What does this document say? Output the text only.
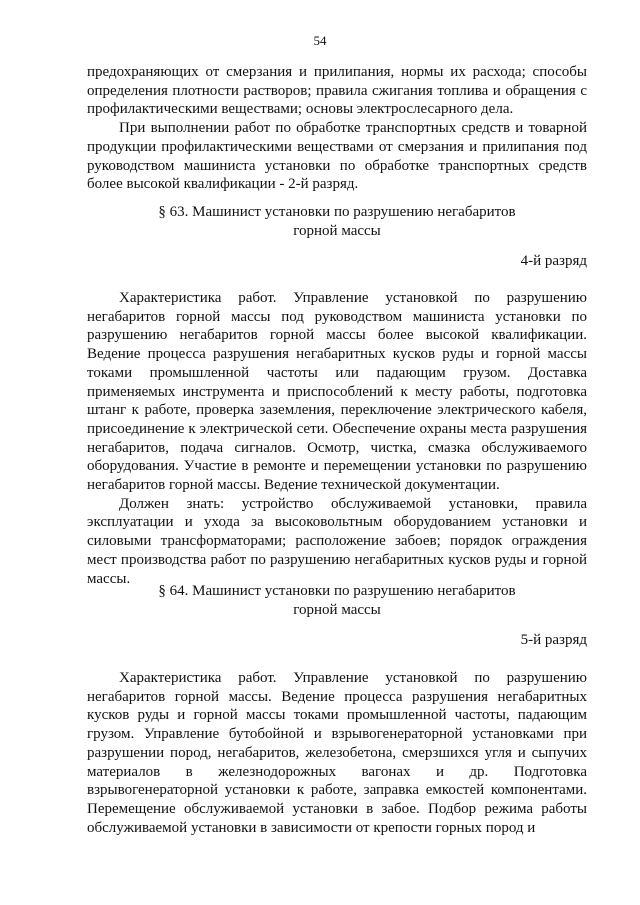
54

предохраняющих от смерзания и прилипания, нормы их расхода; способы определения плотности растворов; правила сжигания топлива и обращения с профилактическими веществами; основы электрослесарного дела.

При выполнении работ по обработке транспортных средств и товарной продукции профилактическими веществами от смерзания и прилипания под руководством машиниста установки по обработке транспортных средств более высокой квалификации - 2-й разряд.

§ 63. Машинист установки по разрушению негабаритов
горной массы
4-й разряд

Характеристика работ. Управление установкой по разрушению негабаритов горной массы под руководством машиниста установки по разрушению негабаритов горной массы более высокой квалификации. Ведение процесса разрушения негабаритных кусков руды и горной массы токами промышленной частоты или падающим грузом. Доставка применяемых инструмента и приспособлений к месту работы, подготовка штанг к работе, проверка заземления, переключение электрического кабеля, присоединение к электрической сети. Обеспечение охраны места разрушения негабаритов, подача сигналов. Осмотр, чистка, смазка обслуживаемого оборудования. Участие в ремонте и перемещении установки по разрушению негабаритов горной массы. Ведение технической документации.

Должен знать: устройство обслуживаемой установки, правила эксплуатации и ухода за высоковольтным оборудованием установки и силовыми трансформаторами; расположение забоев; порядок ограждения мест производства работ по разрушению негабаритных кусков руды и горной массы.

§ 64. Машинист установки по разрушению негабаритов
горной массы
5-й разряд

Характеристика работ. Управление установкой по разрушению негабаритов горной массы. Ведение процесса разрушения негабаритных кусков руды и горной массы токами промышленной частоты, падающим грузом. Управление бутобойной и взрывогенераторной установками при разрушении пород, негабаритов, железобетона, смерзшихся угля и сыпучих материалов в железнодорожных вагонах и др. Подготовка взрывогенераторной установки к работе, заправка емкостей компонентами. Перемещение обслуживаемой установки в забое. Подбор режима работы обслуживаемой установки в зависимости от крепости горных пород и
